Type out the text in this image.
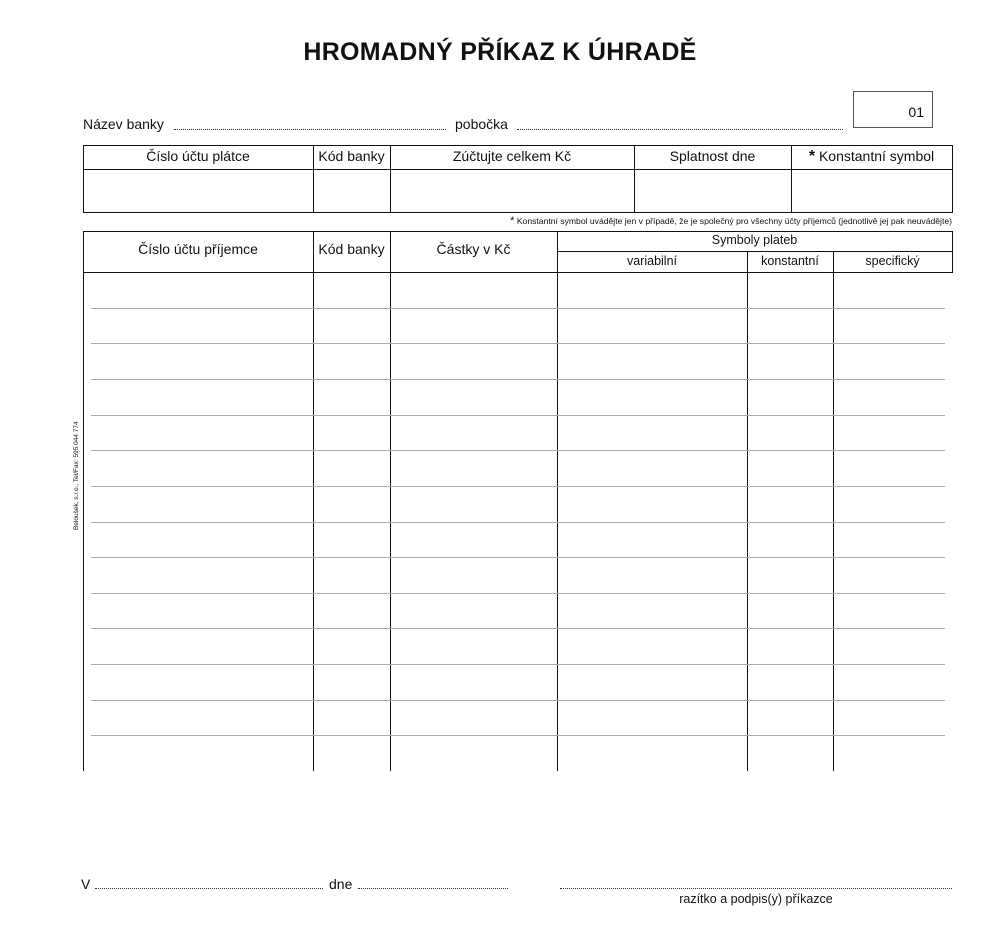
HROMADNÝ PŘÍKAZ K ÚHRADĚ
Název banky	pobočka
01
Číslo účtu plátce	Kód banky	Zúčtujte celkem Kč	Splatnost dne	* Konstantní symbol
* Konstantní symbol uvádějte jen v případě, že je společný pro všechny účty příjemců (jednotlivě jej pak neuvádějte)
Číslo účtu příjemce	Kód banky	Částky v Kč
Symboly plateb
variabilní	konstantní	specifický
Beloušek, s.r.o., Tel/Fax: 595 044 774
V	dne
razítko a podpis(y) příkazce
